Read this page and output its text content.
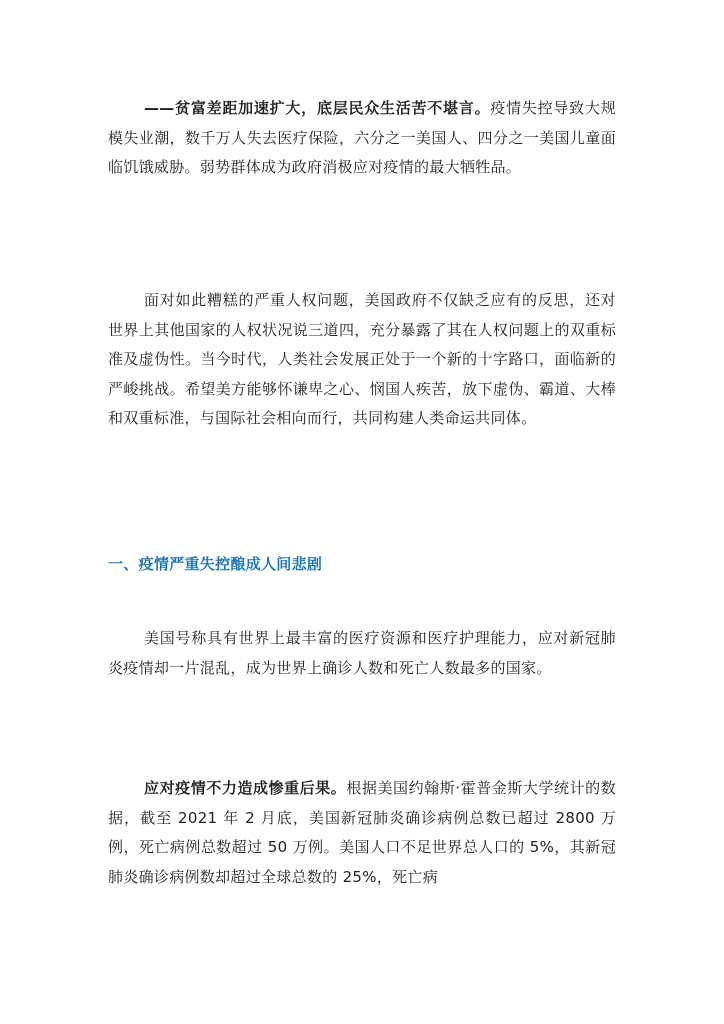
——贫富差距加速扩大，底层民众生活苦不堪言。疫情失控导致大规模失业潮，数千万人失去医疗保险，六分之一美国人、四分之一美国儿童面临饥饿威胁。弱势群体成为政府消极应对疫情的最大牺牲品。

面对如此糟糕的严重人权问题，美国政府不仅缺乏应有的反思，还对世界上其他国家的人权状况说三道四，充分暴露了其在人权问题上的双重标准及虚伪性。当今时代，人类社会发展正处于一个新的十字路口，面临新的严峻挑战。希望美方能够怀谦卑之心、悯国人疾苦，放下虚伪、霸道、大棒和双重标准，与国际社会相向而行，共同构建人类命运共同体。

一、疫情严重失控酿成人间悲剧

美国号称具有世界上最丰富的医疗资源和医疗护理能力，应对新冠肺炎疫情却一片混乱，成为世界上确诊人数和死亡人数最多的国家。

应对疫情不力造成惨重后果。根据美国约翰斯·霍普金斯大学统计的数据，截至 2021 年 2 月底，美国新冠肺炎确诊病例总数已超过 2800 万例，死亡病例总数超过 50 万例。美国人口不足世界总人口的 5%，其新冠肺炎确诊病例数却超过全球总数的 25%，死亡病
